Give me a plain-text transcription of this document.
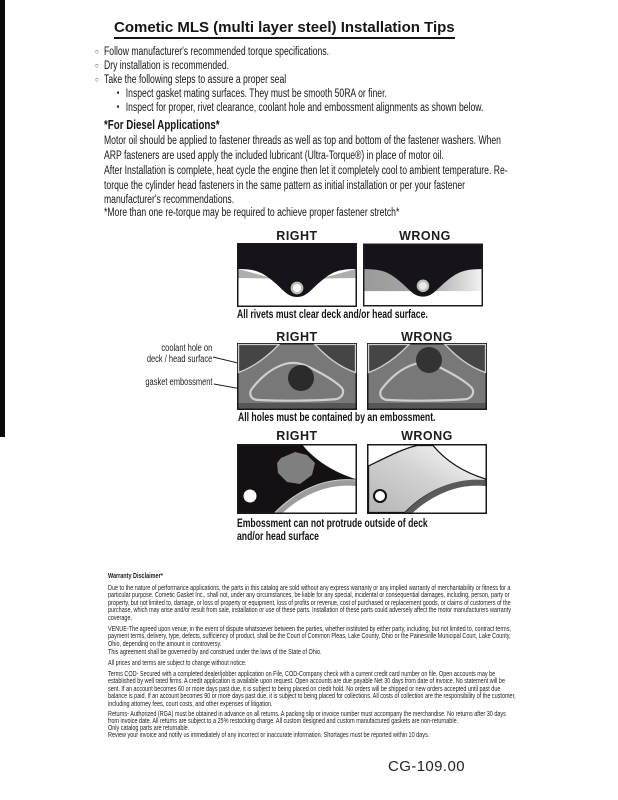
Cometic MLS (multi layer steel) Installation Tips
○ Follow manufacturer's recommended torque specifications.
○ Dry installation is recommended.
○ Take the following steps to assure a proper seal
• Inspect gasket mating surfaces. They must be smooth 50RA or finer.
• Inspect for proper, rivet clearance, coolant hole and embossment alignments as shown below.
*For Diesel Applications*
Motor oil should be applied to fastener threads as well as top and bottom of the fastener washers. When ARP fasteners are used apply the included lubricant (Ultra-Torque®) in place of motor oil.
After Installation is complete, heat cycle the engine then let it completely cool to ambient temperature. Re-torque the cylinder head fasteners in the same pattern as initial installation or per your fastener manufacturer's recommendations.
*More than one re-torque may be required to achieve proper fastener stretch*
RIGHT	WRONG
All rivets must clear deck and/or head surface.
RIGHT	WRONG
coolant hole on
deck / head surface
gasket embossment
All holes must be contained by an embossment.
RIGHT	WRONG
Embossment can not protrude outside of deck
and/or head surface
Warranty Disclaimer*
Due to the nature of performance applications, the parts in this catalog are sold without any express warranty or any implied warranty of merchantability or fitness for a particular purpose. Cometic Gasket Inc., shall not, under any circumstances, be liable for any special, incidental or consequential damages, including, person, party or property, but not limited to, damage, or loss of property or equipment, loss of profits or revenue, cost of purchased or replacement goods, or claims of customers of the purchase, which may arise and/or result from sale, installation or use of these parts. Installation of these parts could adversely affect the motor manufacturers warranty coverage.
VENUE-The agreed upon venue, in the event of dispute whatsoever between the parties, whether instituted by either party, including, but not limited to, contract terms, payment terms, delivery, type, defects, sufficiency of product, shall be the Court of Common Pleas, Lake County, Ohio or the Painesville Municipal Court, Lake County, Ohio, depending on the amount in controversy.
This agreement shall be governed by and construed under the laws of the State of Ohio.
All prices and terms are subject to change without notice.
Terms COD- Secured with a completed dealer/jobber application on File, COD-Company check with a current credit card number on file. Open accounts may be established by well rated firms. A credit application is available upon request. Open accounts are due payable Net 30 days from date of invoice. No statement will be sent. If an account becomes 60 or more days past due, it is subject to being placed on credit hold. No orders will be shipped or new orders accepted until past due balance is paid. If an account becomes 90 or more days past due, it is subject to being placed for collections. All costs of collection are the responsibility of the customer, including attorney fees, court costs, and other expenses of litigation.
Returns- Authorized (RGA) must be obtained in advance on all returns. A packing slip or invoice number must accompany the merchandise. No returns after 30 days from invoice date. All returns are subject to a 25% restocking charge. All custom designed and custom manufactured gaskets are non-returnable.
Only catalog parts are returnable.
Review your invoice and notify us immediately of any incorrect or inaccurate information. Shortages must be reported within 10 days.
CG-109.00
